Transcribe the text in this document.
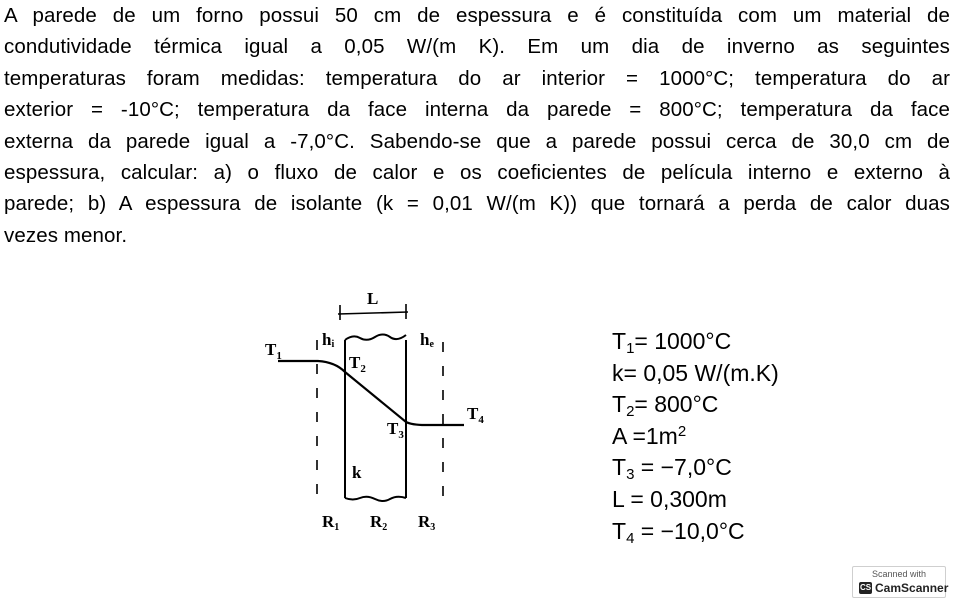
A parede de um forno possui 50 cm de espessura e é constituída com um material de
condutividade térmica igual a 0,05 W/(m K). Em um dia de inverno as seguintes
temperaturas foram medidas: temperatura do ar interior = 1000°C; temperatura do ar
exterior = -10°C; temperatura da face interna da parede = 800°C; temperatura da face
externa da parede igual a -7,0°C. Sabendo-se que a parede possui cerca de 30,0 cm de
espessura, calcular: a) o fluxo de calor e os coeficientes de película interno e externo à
parede; b) A espessura de isolante (k = 0,01 W/(m K)) que tornará a perda de calor duas
vezes menor.
L
$T_1$
hi	he
$T_2$
$T_3$
$T_4$
k
R1 R2 R3
$T_1= 1000^\circ C$
k= 0,05 W/(m.K)
$T_2= 800^\circ C$
$A =1m^2$
$T_3 = -7,0^\circ C$
L = 0,300m
$T_4 = -10,0^\circ C$
Scanned with
CS CamScanner
